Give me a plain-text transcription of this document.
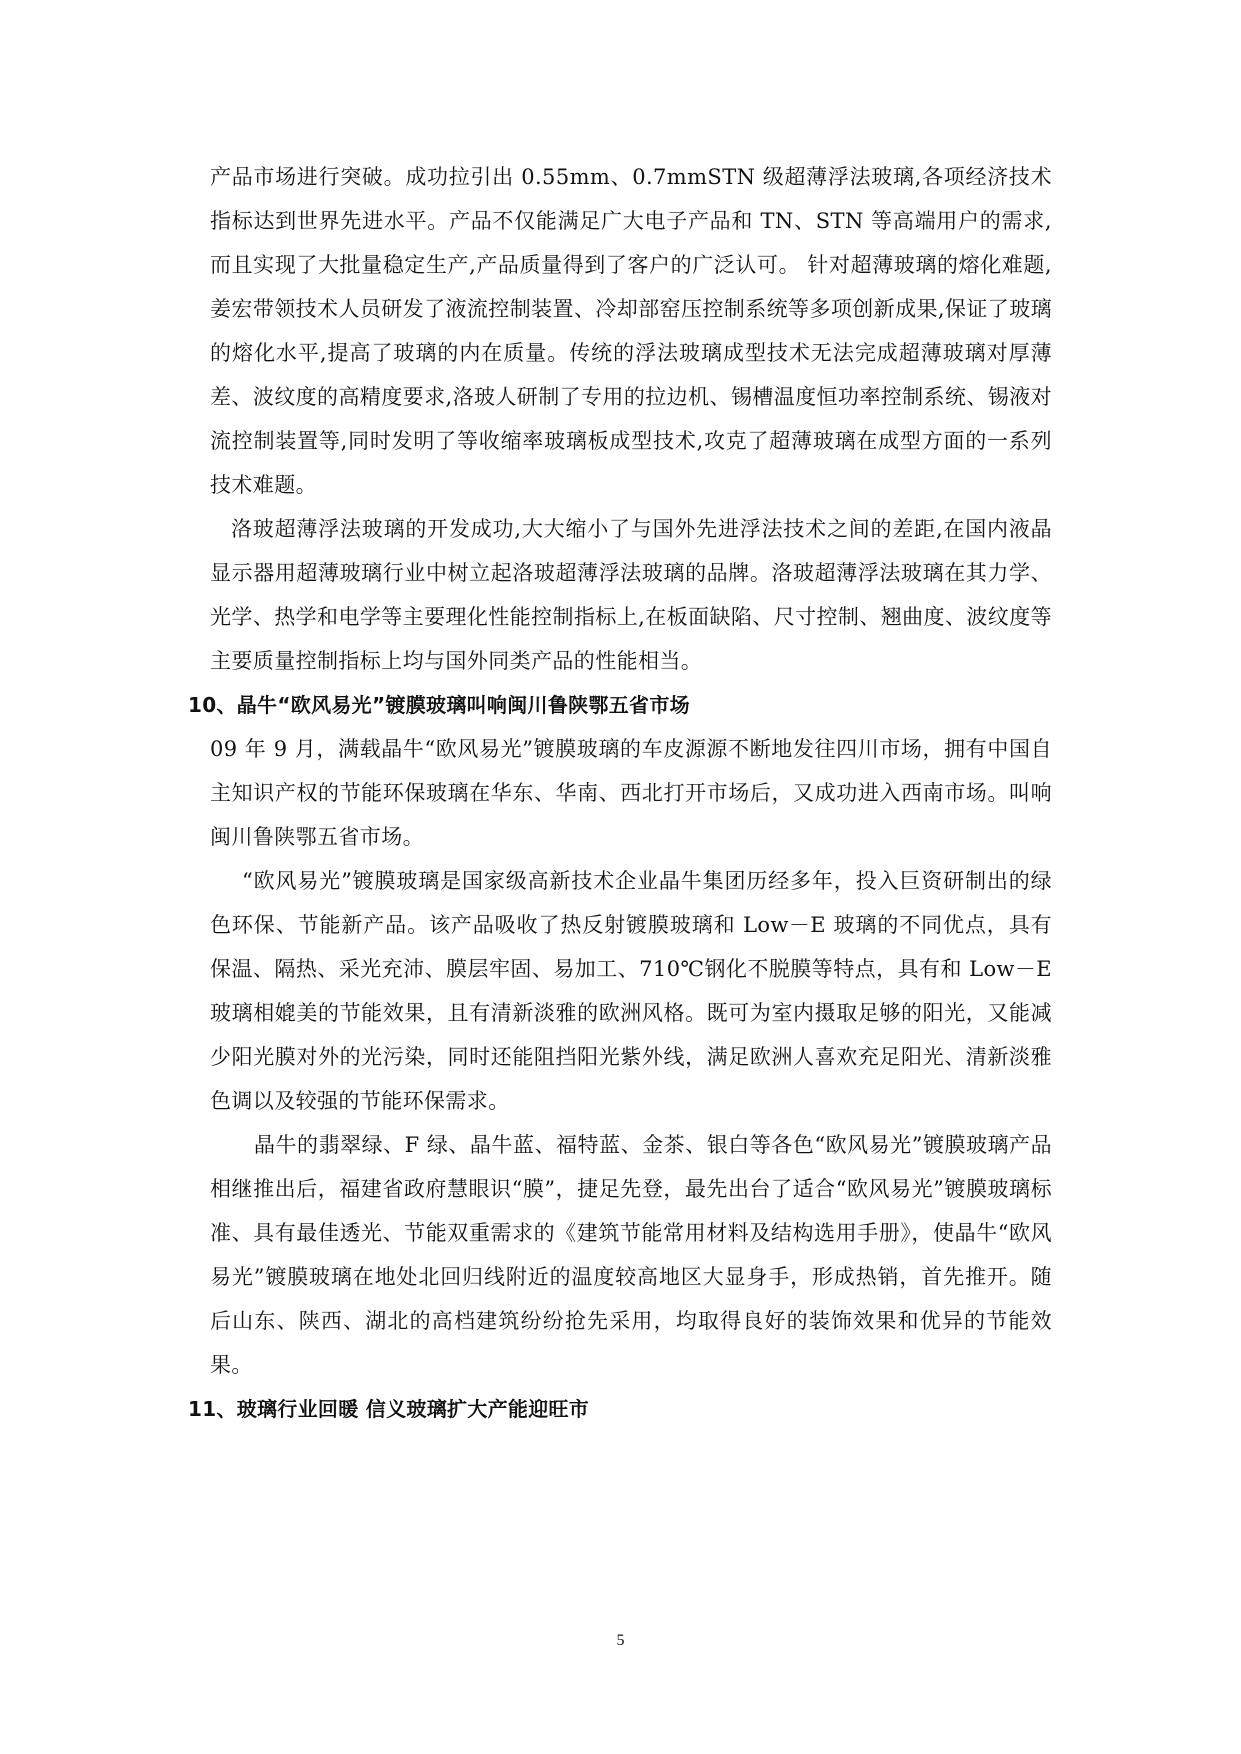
产品市场进行突破。成功拉引出 0.55mm、0.7mmSTN 级超薄浮法玻璃,各项经济技术指标达到世界先进水平。产品不仅能满足广大电子产品和 TN、STN 等高端用户的需求,而且实现了大批量稳定生产,产品质量得到了客户的广泛认可。 针对超薄玻璃的熔化难题,姜宏带领技术人员研发了液流控制装置、冷却部窑压控制系统等多项创新成果,保证了玻璃的熔化水平,提高了玻璃的内在质量。传统的浮法玻璃成型技术无法完成超薄玻璃对厚薄差、波纹度的高精度要求,洛玻人研制了专用的拉边机、锡槽温度恒功率控制系统、锡液对流控制装置等,同时发明了等收缩率玻璃板成型技术,攻克了超薄玻璃在成型方面的一系列技术难题。

洛玻超薄浮法玻璃的开发成功,大大缩小了与国外先进浮法技术之间的差距,在国内液晶显示器用超薄玻璃行业中树立起洛玻超薄浮法玻璃的品牌。洛玻超薄浮法玻璃在其力学、光学、热学和电学等主要理化性能控制指标上,在板面缺陷、尺寸控制、翘曲度、波纹度等主要质量控制指标上均与国外同类产品的性能相当。

10、晶牛“欧风易光”镀膜玻璃叫响闽川鲁陕鄂五省市场

09 年 9 月，满载晶牛“欧风易光”镀膜玻璃的车皮源源不断地发往四川市场，拥有中国自主知识产权的节能环保玻璃在华东、华南、西北打开市场后，又成功进入西南市场。叫响闽川鲁陕鄂五省市场。

“欧风易光”镀膜玻璃是国家级高新技术企业晶牛集团历经多年，投入巨资研制出的绿色环保、节能新产品。该产品吸收了热反射镀膜玻璃和 Low－E 玻璃的不同优点，具有保温、隔热、采光充沛、膜层牢固、易加工、710℃钢化不脱膜等特点，具有和 Low－E 玻璃相媲美的节能效果，且有清新淡雅的欧洲风格。既可为室内摄取足够的阳光，又能减少阳光膜对外的光污染，同时还能阻挡阳光紫外线，满足欧洲人喜欢充足阳光、清新淡雅色调以及较强的节能环保需求。

晶牛的翡翠绿、F 绿、晶牛蓝、福特蓝、金茶、银白等各色“欧风易光”镀膜玻璃产品相继推出后，福建省政府慧眼识“膜”，捷足先登，最先出台了适合“欧风易光”镀膜玻璃标准、具有最佳透光、节能双重需求的《建筑节能常用材料及结构选用手册》，使晶牛“欧风易光”镀膜玻璃在地处北回归线附近的温度较高地区大显身手，形成热销，首先推开。随后山东、陕西、湖北的高档建筑纷纷抢先采用，均取得良好的装饰效果和优异的节能效果。

11、玻璃行业回暖 信义玻璃扩大产能迎旺市
5
